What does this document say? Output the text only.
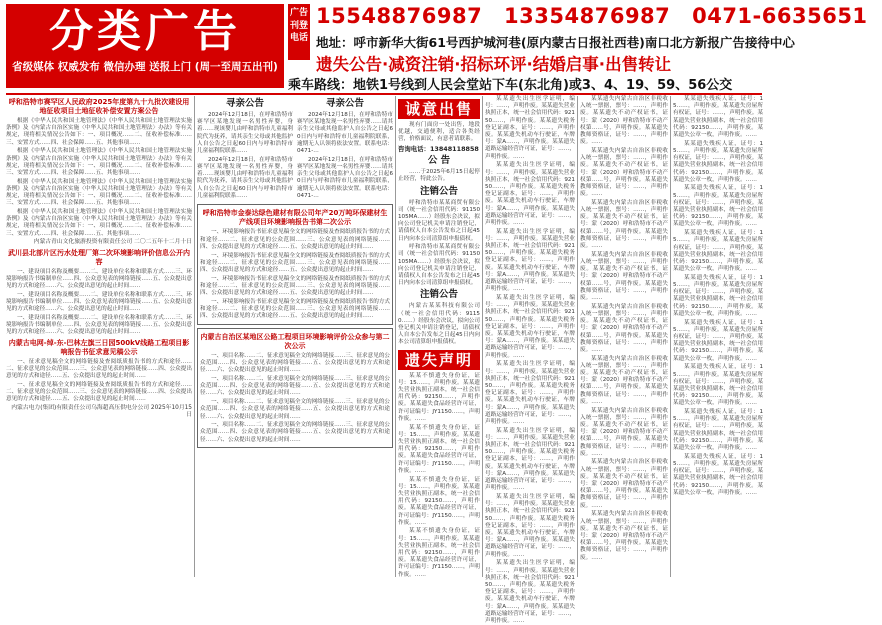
分类广告
省级媒体 权威发布 微信办理 送报上门 (周一至周五出刊)
广告刊登电话
15548876987 13354876987 0471-6635651
地址：呼市新华大街61号西护城河巷(原内蒙古日报社西巷)南口北方新报广告接待中心
遗失公告·减资注销·招标环评·结婚启事·出售转让
乘车路线：地铁1号线到人民会堂站下车(东北角)或3、4、19、59、56公交
呼和浩特市赛罕区人民政府2025年度第九十九批次建设用地征收项目土地征收补偿安置方案公告

根据《中华人民共和国土地管理法》《中华人民共和国土地管理法实施条例》及《内蒙古自治区实施〈中华人民共和国土地管理法〉办法》等有关规定，现将相关情况公告如下：一、项目概况……二、征收补偿标准……三、安置方式……四、社会保障……五、其他事项……

根据《中华人民共和国土地管理法》《中华人民共和国土地管理法实施条例》及《内蒙古自治区实施〈中华人民共和国土地管理法〉办法》等有关规定，现将相关情况公告如下：一、项目概况……二、征收补偿标准……三、安置方式……四、社会保障……五、其他事项……

根据《中华人民共和国土地管理法》《中华人民共和国土地管理法实施条例》及《内蒙古自治区实施〈中华人民共和国土地管理法〉办法》等有关规定，现将相关情况公告如下：一、项目概况……二、征收补偿标准……三、安置方式……四、社会保障……五、其他事项……

根据《中华人民共和国土地管理法》《中华人民共和国土地管理法实施条例》及《内蒙古自治区实施〈中华人民共和国土地管理法〉办法》等有关规定，现将相关情况公告如下：一、项目概况……二、征收补偿标准……三、安置方式……四、社会保障……五、其他事项……

内蒙古青山文化旅游投资有限责任公司 二〇二五年十二月十日
武川县北部片区污水处理厂第二次环境影响评价信息公开内容

一、建设项目名称及概要……二、建设单位名称和联系方式……三、环境影响报告书编制单位……四、公众意见表的网络链接……五、公众提出意见的方式和途径……六、公众提出意见的起止时间……

一、建设项目名称及概要……二、建设单位名称和联系方式……三、环境影响报告书编制单位……四、公众意见表的网络链接……五、公众提出意见的方式和途径……六、公众提出意见的起止时间……

一、建设项目名称及概要……二、建设单位名称和联系方式……三、环境影响报告书编制单位……四、公众意见表的网络链接……五、公众提出意见的方式和途径……六、公众提出意见的起止时间……

内蒙古电网-绰-东-巴林左旗三日园500kV线路工程项目影响报告书征求意见稿公示

一、征求意见稿全文的网络链接及查阅纸质报告书的方式和途径……二、征求意见的公众范围……三、公众意见表的网络链接……四、公众提出意见的方式和途径……五、公众提出意见的起止时间……

一、征求意见稿全文的网络链接及查阅纸质报告书的方式和途径……二、征求意见的公众范围……三、公众意见表的网络链接……四、公众提出意见的方式和途径……五、公众提出意见的起止时间……

内蒙古电力(集团)有限责任公司乌海超高压供电分公司 2025年10月15日
寻亲公告

2024年12月18日，在呼和浩特市赛罕区某地发现一名男性弃婴，身着……现该婴儿由呼和浩特市儿童福利院代为抚养，请其亲生父母或其他监护人自公告之日起60日内与呼和浩特市儿童福利院联系……

2024年12月18日，在呼和浩特市赛罕区某地发现一名男性弃婴，身着……现该婴儿由呼和浩特市儿童福利院代为抚养，请其亲生父母或其他监护人自公告之日起60日内与呼和浩特市儿童福利院联系……

寻亲公告

2024年12月18日，在呼和浩特市赛罕区某地发现一名男性弃婴……请其亲生父母或其他监护人自公告之日起60日内与呼和浩特市儿童福利院联系，逾期无人认领将依法安置。联系电话：0471-…

2024年12月18日，在呼和浩特市赛罕区某地发现一名男性弃婴……请其亲生父母或其他监护人自公告之日起60日内与呼和浩特市儿童福利院联系，逾期无人认领将依法安置。联系电话：0471-…

呼和浩特市金泰达绿色建材有限公司年产20万吨环保建材生产线项目环境影响报告书第二次公示

一、环境影响报告书征求意见稿全文的网络链接及查阅纸质报告书的方式和途径……二、征求意见的公众范围……三、公众意见表的网络链接……四、公众提出意见的方式和途径……五、公众提出意见的起止时间……

一、环境影响报告书征求意见稿全文的网络链接及查阅纸质报告书的方式和途径……二、征求意见的公众范围……三、公众意见表的网络链接……四、公众提出意见的方式和途径……五、公众提出意见的起止时间……

一、环境影响报告书征求意见稿全文的网络链接及查阅纸质报告书的方式和途径……二、征求意见的公众范围……三、公众意见表的网络链接……四、公众提出意见的方式和途径……五、公众提出意见的起止时间……

一、环境影响报告书征求意见稿全文的网络链接及查阅纸质报告书的方式和途径……二、征求意见的公众范围……三、公众意见表的网络链接……四、公众提出意见的方式和途径……五、公众提出意见的起止时间……

内蒙古自治区某地区公路工程项目环境影响评价公众参与第二次公示

一、项目名称……二、征求意见稿全文的网络链接……三、征求意见的公众范围……四、公众意见表的网络链接……五、公众提出意见的方式和途径……六、公众提出意见的起止时间……

一、项目名称……二、征求意见稿全文的网络链接……三、征求意见的公众范围……四、公众意见表的网络链接……五、公众提出意见的方式和途径……六、公众提出意见的起止时间……

一、项目名称……二、征求意见稿全文的网络链接……三、征求意见的公众范围……四、公众意见表的网络链接……五、公众提出意见的方式和途径……六、公众提出意见的起止时间……

一、项目名称……二、征求意见稿全文的网络链接……三、征求意见的公众范围……四、公众意见表的网络链接……五、公众提出意见的方式和途径……六、公众提出意见的起止时间……

诚意出售

现有门面房一处出售，地段优越，交通便利，适合各类经营，价格面议，有意者请联系。

咨询电话：13848118858
公 告

……于2025年6月15日起停止经营，特此公告。

注销公告

呼和浩特市某某商贸有限公司（统一社会信用代码：91150105MA……）经股东会决议，拟向公司登记机关申请注销登记，请债权人自本公告发布之日起45日内向本公司清算组申报债权。

呼和浩特市某某商贸有限公司（统一社会信用代码：91150105MA……）经股东会决议，拟向公司登记机关申请注销登记，请债权人自本公告发布之日起45日内向本公司清算组申报债权。

注销公告

内蒙古某某科技有限公司（统一社会信用代码：91150……）经股东会决议，拟向公司登记机关申请注销登记，请债权人自本公告发布之日起45日内向本公司清算组申报债权。

遗失声明

某某不慎遗失身份证，证号：15……，声明作废。某某遗失营业执照正副本，统一社会信用代码：92150……，声明作废。某某遗失食品经营许可证，许可证编号：JY1150……，声明作废。……

某某不慎遗失身份证，证号：15……，声明作废。某某遗失营业执照正副本，统一社会信用代码：92150……，声明作废。某某遗失食品经营许可证，许可证编号：JY1150……，声明作废。……

某某不慎遗失身份证，证号：15……，声明作废。某某遗失营业执照正副本，统一社会信用代码：92150……，声明作废。某某遗失食品经营许可证，许可证编号：JY1150……，声明作废。……

某某不慎遗失身份证，证号：15……，声明作废。某某遗失营业执照正副本，统一社会信用代码：92150……，声明作废。某某遗失食品经营许可证，许可证编号：JY1150……，声明作废。……

某某遗失出生医学证明，编号：……，声明作废。某某遗失营业执照正本，统一社会信用代码：92150……，声明作废。某某遗失税务登记证副本，证号：……，声明作废。某某遗失机动车行驶证，车牌号：蒙A……，声明作废。某某遗失道路运输经营许可证，证号：……，声明作废。……

某某遗失出生医学证明，编号：……，声明作废。某某遗失营业执照正本，统一社会信用代码：92150……，声明作废。某某遗失税务登记证副本，证号：……，声明作废。某某遗失机动车行驶证，车牌号：蒙A……，声明作废。某某遗失道路运输经营许可证，证号：……，声明作废。……

某某遗失出生医学证明，编号：……，声明作废。某某遗失营业执照正本，统一社会信用代码：92150……，声明作废。某某遗失税务登记证副本，证号：……，声明作废。某某遗失机动车行驶证，车牌号：蒙A……，声明作废。某某遗失道路运输经营许可证，证号：……，声明作废。……

某某遗失出生医学证明，编号：……，声明作废。某某遗失营业执照正本，统一社会信用代码：92150……，声明作废。某某遗失税务登记证副本，证号：……，声明作废。某某遗失机动车行驶证，车牌号：蒙A……，声明作废。某某遗失道路运输经营许可证，证号：……，声明作废。……

某某遗失出生医学证明，编号：……，声明作废。某某遗失营业执照正本，统一社会信用代码：92150……，声明作废。某某遗失税务登记证副本，证号：……，声明作废。某某遗失机动车行驶证，车牌号：蒙A……，声明作废。某某遗失道路运输经营许可证，证号：……，声明作废。……

某某遗失出生医学证明，编号：……，声明作废。某某遗失营业执照正本，统一社会信用代码：92150……，声明作废。某某遗失税务登记证副本，证号：……，声明作废。某某遗失机动车行驶证，车牌号：蒙A……，声明作废。某某遗失道路运输经营许可证，证号：……，声明作废。……

某某遗失出生医学证明，编号：……，声明作废。某某遗失营业执照正本，统一社会信用代码：92150……，声明作废。某某遗失税务登记证副本，证号：……，声明作废。某某遗失机动车行驶证，车牌号：蒙A……，声明作废。某某遗失道路运输经营许可证，证号：……，声明作废。……

某某遗失出生医学证明，编号：……，声明作废。某某遗失营业执照正本，统一社会信用代码：92150……，声明作废。某某遗失税务登记证副本，证号：……，声明作废。某某遗失机动车行驶证，车牌号：蒙A……，声明作废。某某遗失道路运输经营许可证，证号：……，声明作废。……

某某遗失内蒙古自治区非税收入统一票据，票号：……，声明作废。某某遗失不动产权证书，证号：蒙（2020）呼和浩特市不动产权第……号，声明作废。某某遗失教师资格证，证号：……，声明作废。……

某某遗失内蒙古自治区非税收入统一票据，票号：……，声明作废。某某遗失不动产权证书，证号：蒙（2020）呼和浩特市不动产权第……号，声明作废。某某遗失教师资格证，证号：……，声明作废。……

某某遗失内蒙古自治区非税收入统一票据，票号：……，声明作废。某某遗失不动产权证书，证号：蒙（2020）呼和浩特市不动产权第……号，声明作废。某某遗失教师资格证，证号：……，声明作废。……

某某遗失内蒙古自治区非税收入统一票据，票号：……，声明作废。某某遗失不动产权证书，证号：蒙（2020）呼和浩特市不动产权第……号，声明作废。某某遗失教师资格证，证号：……，声明作废。……

某某遗失内蒙古自治区非税收入统一票据，票号：……，声明作废。某某遗失不动产权证书，证号：蒙（2020）呼和浩特市不动产权第……号，声明作废。某某遗失教师资格证，证号：……，声明作废。……

某某遗失内蒙古自治区非税收入统一票据，票号：……，声明作废。某某遗失不动产权证书，证号：蒙（2020）呼和浩特市不动产权第……号，声明作废。某某遗失教师资格证，证号：……，声明作废。……

某某遗失内蒙古自治区非税收入统一票据，票号：……，声明作废。某某遗失不动产权证书，证号：蒙（2020）呼和浩特市不动产权第……号，声明作废。某某遗失教师资格证，证号：……，声明作废。……

某某遗失内蒙古自治区非税收入统一票据，票号：……，声明作废。某某遗失不动产权证书，证号：蒙（2020）呼和浩特市不动产权第……号，声明作废。某某遗失教师资格证，证号：……，声明作废。……

某某遗失内蒙古自治区非税收入统一票据，票号：……，声明作废。某某遗失不动产权证书，证号：蒙（2020）呼和浩特市不动产权第……号，声明作废。某某遗失教师资格证，证号：……，声明作废。……

某某遗失残疾人证，证号：15……，声明作废。某某遗失房屋所有权证，证号：……，声明作废。某某遗失营业执照副本，统一社会信用代码：92150……，声明作废。某某遗失公章一枚，声明作废。……

某某遗失残疾人证，证号：15……，声明作废。某某遗失房屋所有权证，证号：……，声明作废。某某遗失营业执照副本，统一社会信用代码：92150……，声明作废。某某遗失公章一枚，声明作废。……

某某遗失残疾人证，证号：15……，声明作废。某某遗失房屋所有权证，证号：……，声明作废。某某遗失营业执照副本，统一社会信用代码：92150……，声明作废。某某遗失公章一枚，声明作废。……

某某遗失残疾人证，证号：15……，声明作废。某某遗失房屋所有权证，证号：……，声明作废。某某遗失营业执照副本，统一社会信用代码：92150……，声明作废。某某遗失公章一枚，声明作废。……

某某遗失残疾人证，证号：15……，声明作废。某某遗失房屋所有权证，证号：……，声明作废。某某遗失营业执照副本，统一社会信用代码：92150……，声明作废。某某遗失公章一枚，声明作废。……

某某遗失残疾人证，证号：15……，声明作废。某某遗失房屋所有权证，证号：……，声明作废。某某遗失营业执照副本，统一社会信用代码：92150……，声明作废。某某遗失公章一枚，声明作废。……

某某遗失残疾人证，证号：15……，声明作废。某某遗失房屋所有权证，证号：……，声明作废。某某遗失营业执照副本，统一社会信用代码：92150……，声明作废。某某遗失公章一枚，声明作废。……

某某遗失残疾人证，证号：15……，声明作废。某某遗失房屋所有权证，证号：……，声明作废。某某遗失营业执照副本，统一社会信用代码：92150……，声明作废。某某遗失公章一枚，声明作废。……

某某遗失残疾人证，证号：15……，声明作废。某某遗失房屋所有权证，证号：……，声明作废。某某遗失营业执照副本，统一社会信用代码：92150……，声明作废。某某遗失公章一枚，声明作废。……
